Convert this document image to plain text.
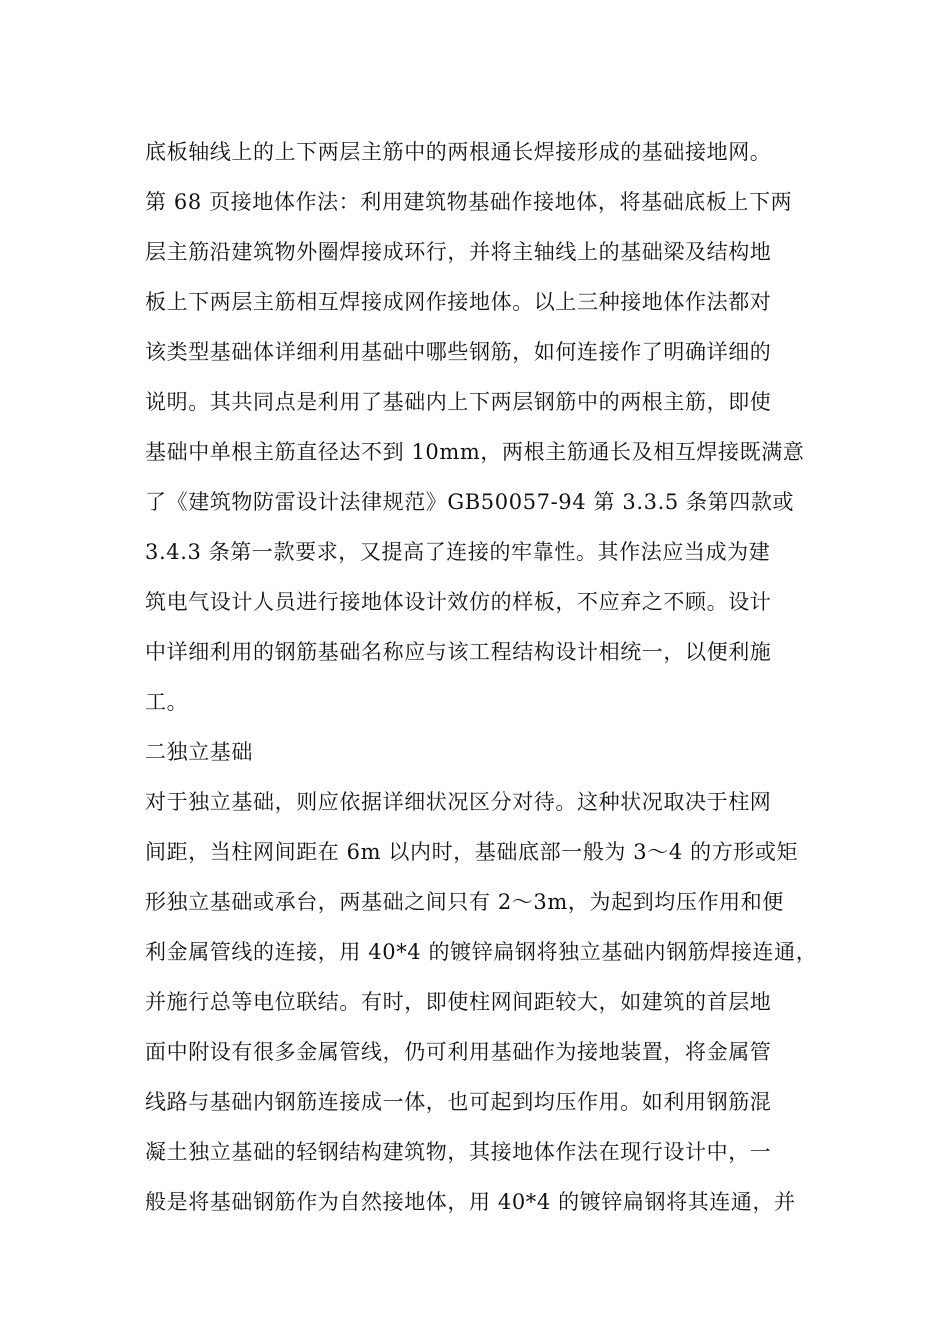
底板轴线上的上下两层主筋中的两根通长焊接形成的基础接地网。

第 68 页接地体作法：利用建筑物基础作接地体，将基础底板上下两

层主筋沿建筑物外圈焊接成环行，并将主轴线上的基础梁及结构地

板上下两层主筋相互焊接成网作接地体。以上三种接地体作法都对

该类型基础体详细利用基础中哪些钢筋，如何连接作了明确详细的

说明。其共同点是利用了基础内上下两层钢筋中的两根主筋，即使

基础中单根主筋直径达不到 10mm，两根主筋通长及相互焊接既满意

了《建筑物防雷设计法律规范》GB50057-94 第 3.3.5 条第四款或

3.4.3 条第一款要求，又提高了连接的牢靠性。其作法应当成为建

筑电气设计人员进行接地体设计效仿的样板，不应弃之不顾。设计

中详细利用的钢筋基础名称应与该工程结构设计相统一，以便利施

工。

二独立基础

对于独立基础，则应依据详细状况区分对待。这种状况取决于柱网

间距，当柱网间距在 6m 以内时，基础底部一般为 3～4 的方形或矩

形独立基础或承台，两基础之间只有 2～3m，为起到均压作用和便

利金属管线的连接，用 40*4 的镀锌扁钢将独立基础内钢筋焊接连通，

并施行总等电位联结。有时，即使柱网间距较大，如建筑的首层地

面中附设有很多金属管线，仍可利用基础作为接地装置，将金属管

线路与基础内钢筋连接成一体，也可起到均压作用。如利用钢筋混

凝土独立基础的轻钢结构建筑物，其接地体作法在现行设计中，一

般是将基础钢筋作为自然接地体，用 40*4 的镀锌扁钢将其连通，并
